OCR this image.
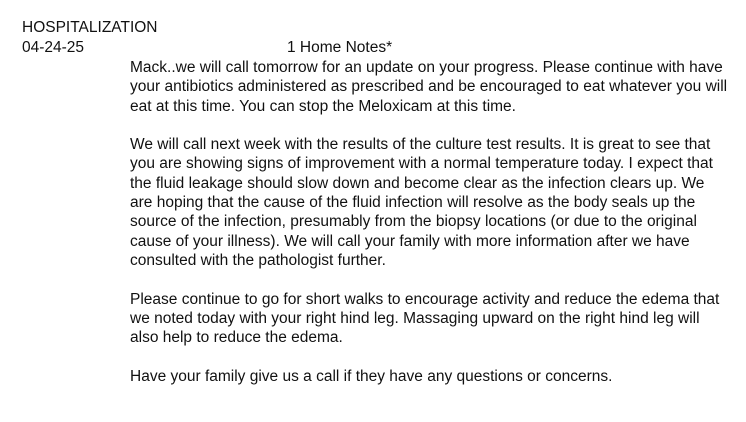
HOSPITALIZATION
04-24-25	1 Home Notes*

Mack..we will call tomorrow for an update on your progress. Please continue with have your antibiotics administered as prescribed and be encouraged to eat whatever you will eat at this time. You can stop the Meloxicam at this time.

We will call next week with the results of the culture test results. It is great to see that you are showing signs of improvement with a normal temperature today. I expect that the fluid leakage should slow down and become clear as the infection clears up. We are hoping that the cause of the fluid infection will resolve as the body seals up the source of the infection, presumably from the biopsy locations (or due to the original cause of your illness). We will call your family with more information after we have consulted with the pathologist further.

Please continue to go for short walks to encourage activity and reduce the edema that we noted today with your right hind leg. Massaging upward on the right hind leg will also help to reduce the edema.

Have your family give us a call if they have any questions or concerns.
